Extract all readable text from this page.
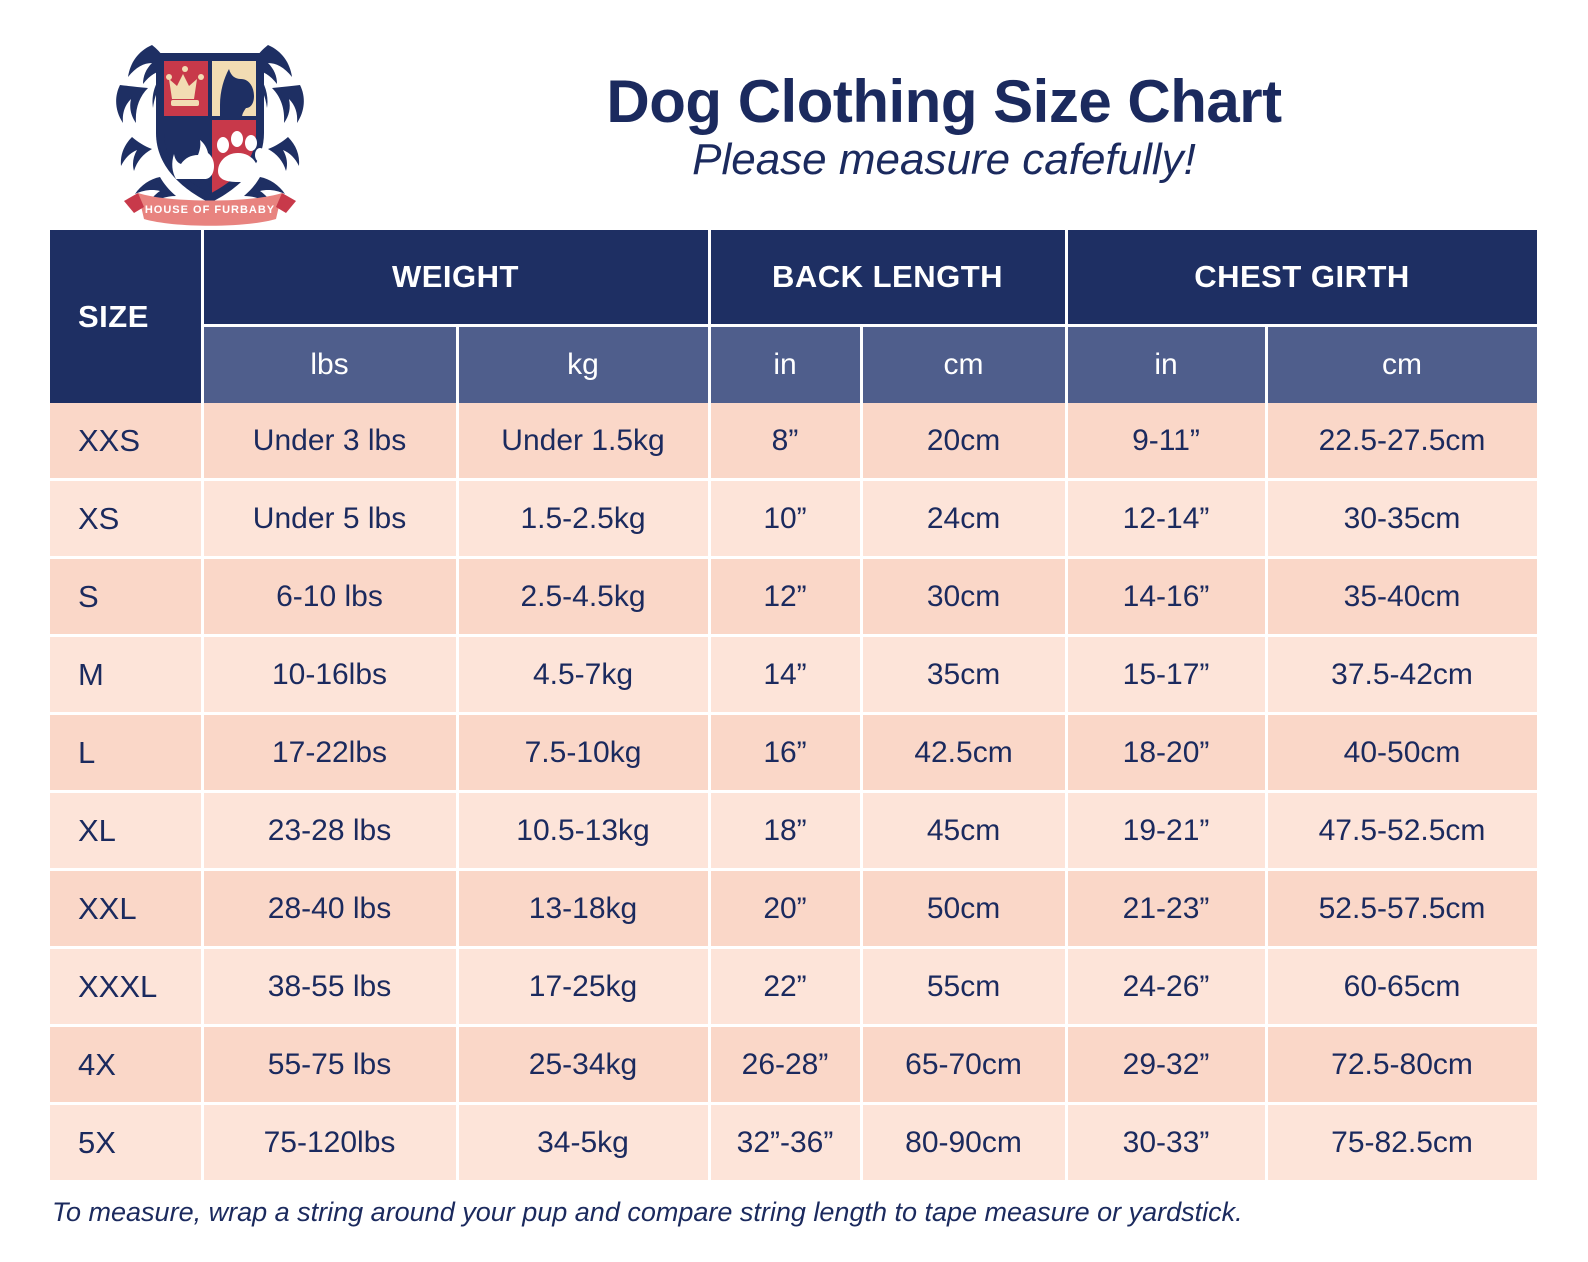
HOUSE OF FURBABY
Dog Clothing Size Chart
Please measure cafefully!
SIZE	WEIGHT		BACK LENGTH		CHEST GIRTH	
	lbs	kg	in	cm	in	cm
XXS	Under 3 lbs	Under 1.5kg	8”	20cm	9-11”	22.5-27.5cm
XS	Under 5 lbs	1.5-2.5kg	10”	24cm	12-14”	30-35cm
S	6-10 lbs	2.5-4.5kg	12”	30cm	14-16”	35-40cm
M	10-16lbs	4.5-7kg	14”	35cm	15-17”	37.5-42cm
L	17-22lbs	7.5-10kg	16”	42.5cm	18-20”	40-50cm
XL	23-28 lbs	10.5-13kg	18”	45cm	19-21”	47.5-52.5cm
XXL	28-40 lbs	13-18kg	20”	50cm	21-23”	52.5-57.5cm
XXXL	38-55 lbs	17-25kg	22”	55cm	24-26”	60-65cm
4X	55-75 lbs	25-34kg	26-28”	65-70cm	29-32”	72.5-80cm
5X	75-120lbs	34-5kg	32”-36”	80-90cm	30-33”	75-82.5cm
To measure, wrap a string around your pup and compare string length to tape measure or yardstick.
